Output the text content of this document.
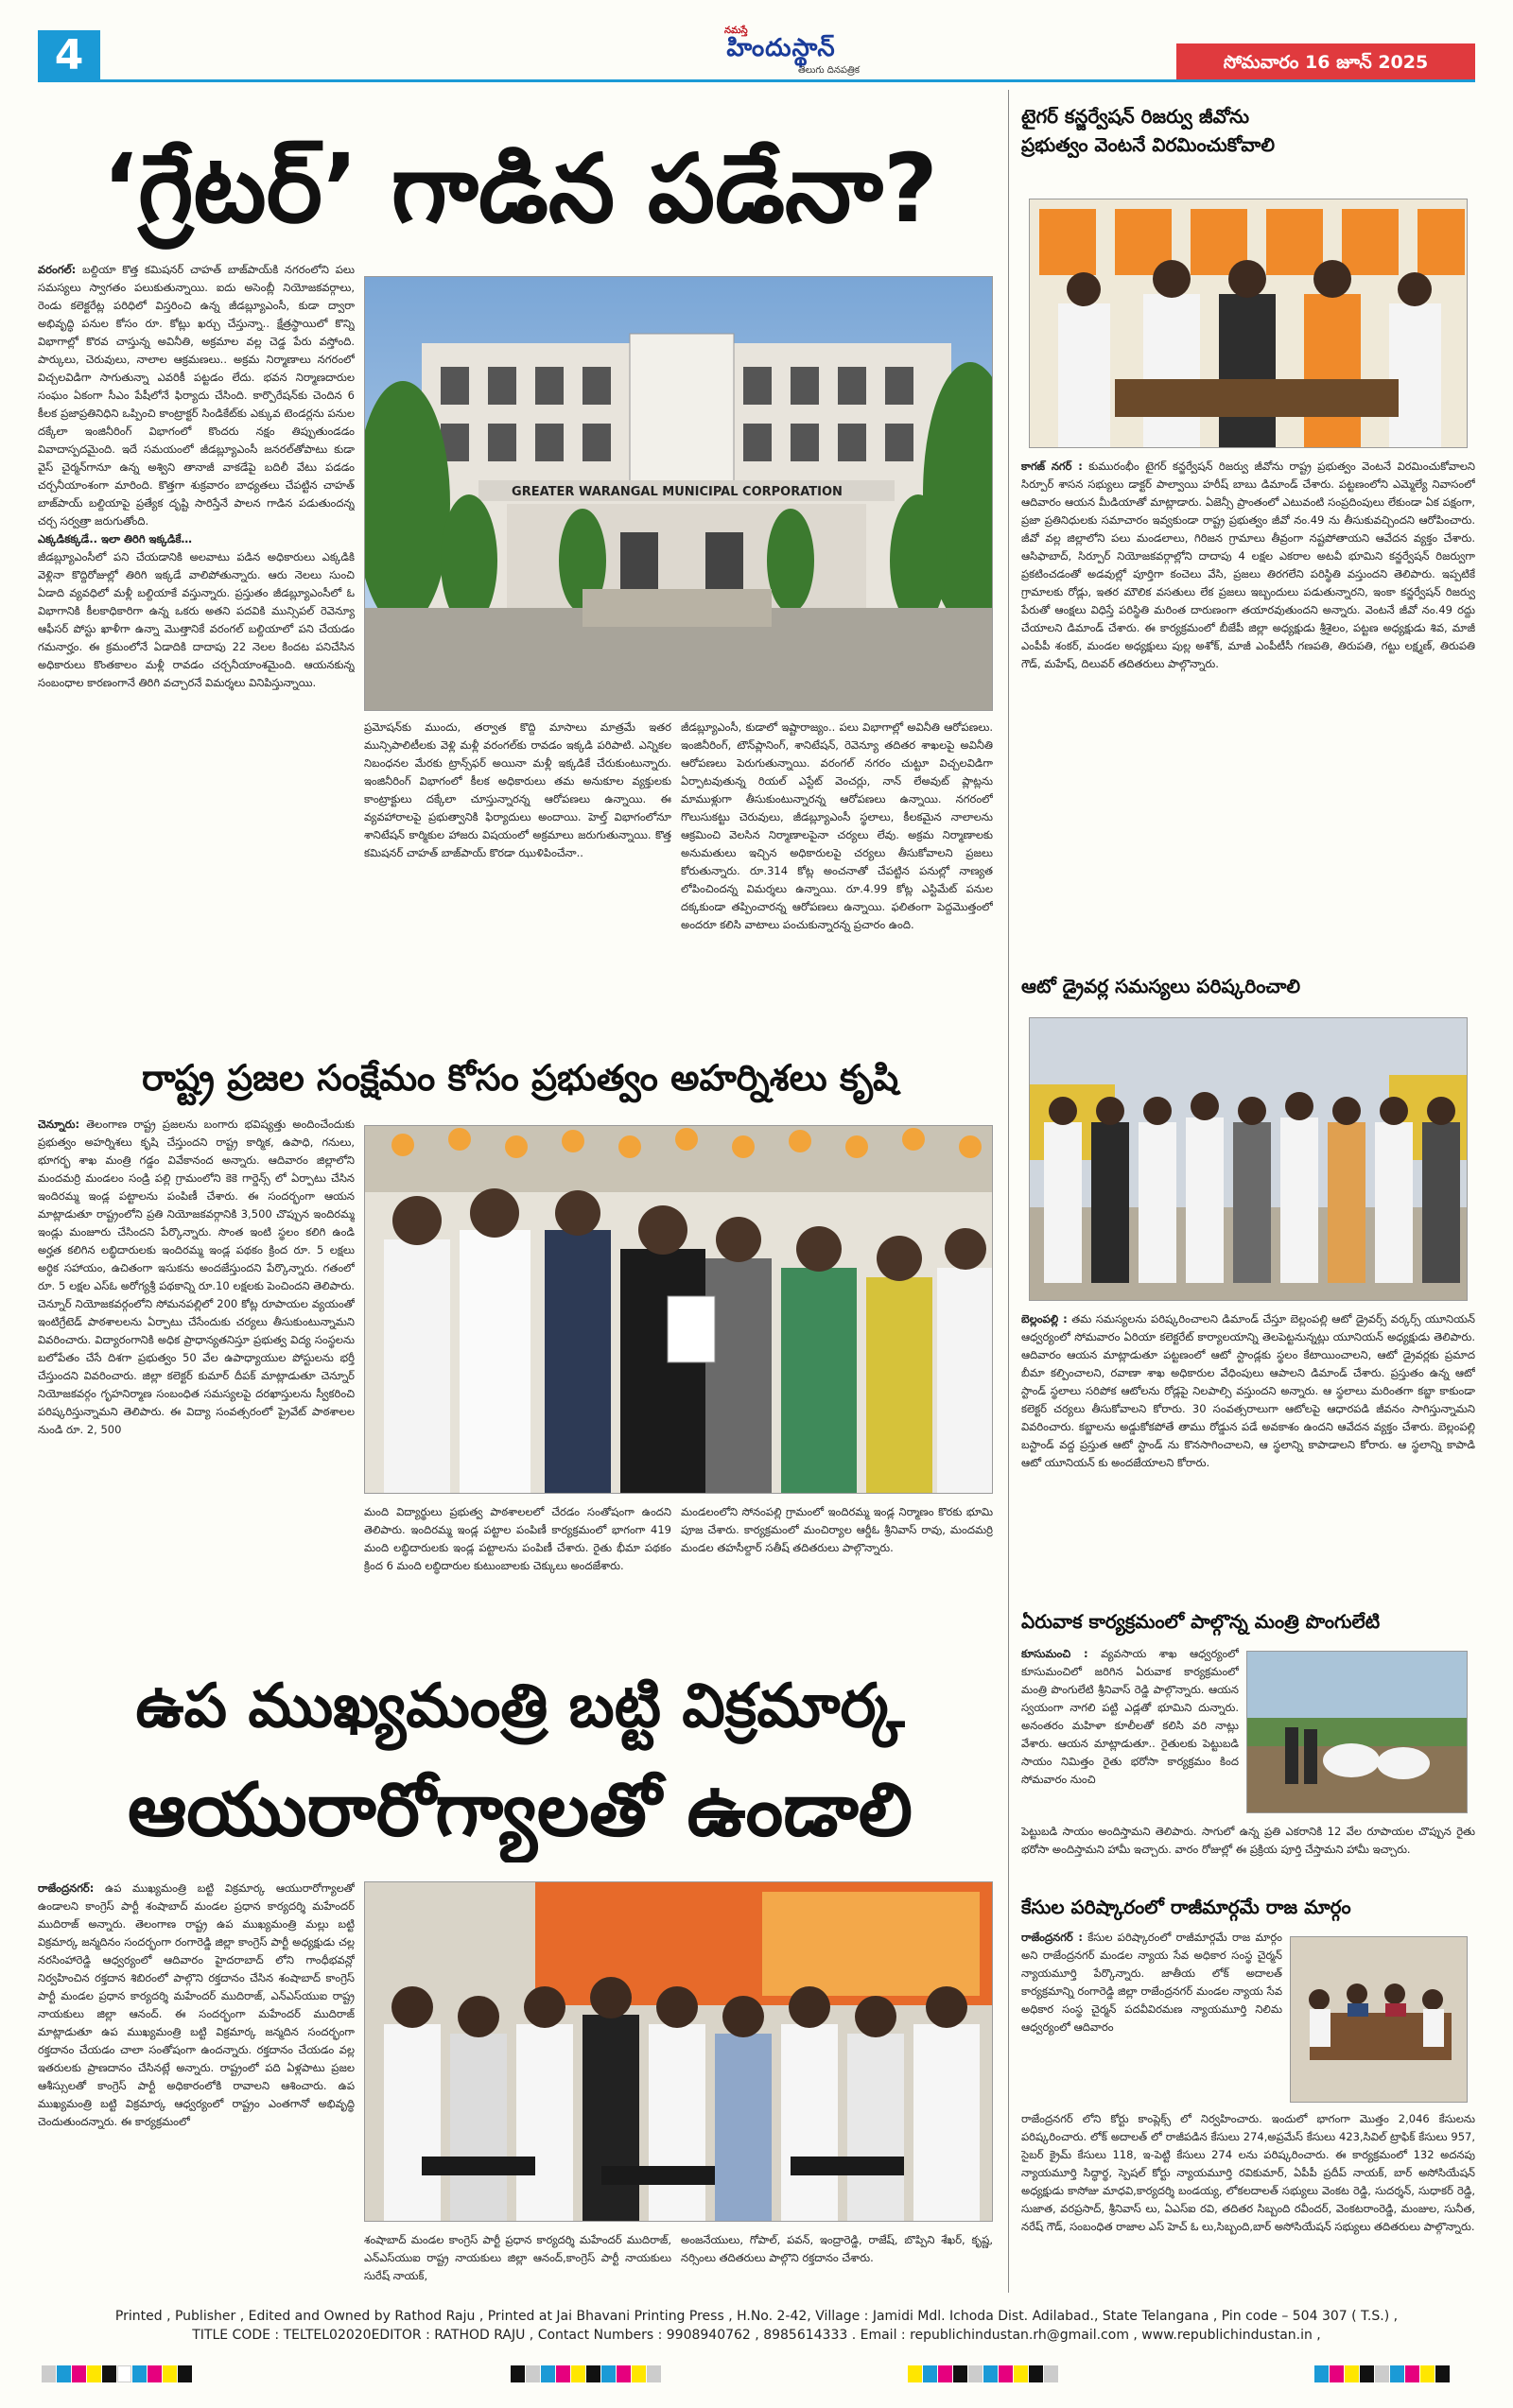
4
నమస్తే
హిందుస్థాన్
తెలుగు దినపత్రిక	సోమవారం 16 జూన్ 2025
‘గ్రేటర్’ గాడిన పడేనా?
వరంగల్: బల్దియా కొత్త కమిషనర్ చాహత్ బాజ్‌పాయ్‌కి నగరంలోని పలు సమస్యలు స్వాగతం పలుకుతున్నాయి. ఐదు అసెంబ్లీ నియోజకవర్గాలు, రెండు కలెక్టరేట్ల పరిధిలో విస్తరించి ఉన్న జీడబ్ల్యూఎంసీ, కుడా ద్వారా అభివృద్ధి పనుల కోసం రూ. కోట్లు ఖర్చు చేస్తున్నా.. క్షేత్రస్థాయిలో కొన్ని విభాగాల్లో కొరవ చాస్తున్న అవినీతి, అక్రమాల వల్ల చెడ్డ పేరు వస్తోంది. పార్కులు, చెరువులు, నాలాల ఆక్రమణలు.. అక్రమ నిర్మాణాలు నగరంలో విచ్చలవిడిగా సాగుతున్నా ఎవరికీ పట్టడం లేదు. భవన నిర్మాణదారుల సంఘం ఏకంగా సీఎం పేషీలోనే ఫిర్యాదు చేసింది. కార్పొరేషన్‌కు చెందిన 6 కీలక ప్రజాప్రతినిధిని ఒప్పించి కాంట్రాక్టర్ సిండికేట్‌కు ఎక్కువ టెండర్లను పనుల దక్కేలా ఇంజినీరింగ్ విభాగంలో కొందరు నక్షం తిప్పుతుండడం వివాదాస్పదమైంది. ఇదే సమయంలో జీడబ్ల్యూఎంసీ జనరల్‌తోపాటు కుడా వైస్ చైర్మన్‌గానూ ఉన్న అశ్విని తానాజీ వాకడేపై బదిలీ వేటు పడడం చర్చనీయాంశంగా మారింది. కొత్తగా శుక్రవారం బాధ్యతలు చేపట్టిన చాహత్ బాజ్‌పాయ్ బల్దియాపై ప్రత్యేక దృష్టి సారిస్తేనే పాలన గాడిన పడుతుందన్న చర్చ సర్వత్రా జరుగుతోంది.
ఎక్కడికక్కడే.. ఇలా తిరిగి ఇక్కడికే…
జీడబ్ల్యూఎంసీలో పని చేయడానికి అలవాటు పడిన అధికారులు ఎక్కడికి వెళ్లినా కొద్దిరోజుల్లో తిరిగి ఇక్కడే వాలిపోతున్నారు. ఆరు నెలలు సుంచి ఏడాది వ్యవధిలో మళ్లీ బల్దియాకే వస్తున్నారు. ప్రస్తుతం జీడబ్ల్యూఎంసీలో ఓ విభాగానికి కీలకాధికారిగా ఉన్న ఒకరు అతని పదవికి మున్సిపల్ రెవెన్యూ ఆఫీసర్ పోస్టు ఖాళీగా ఉన్నా మొత్తానికే వరంగల్ బల్దియాలో పని చేయడం గమనార్హం. ఈ క్రమంలోనే ఏడాదికి దాదాపు 22 నెలల కిందట పనిచేసిన అధికారులు కొంతకాలం మళ్లీ రావడం చర్చనీయాంశమైంది. ఆయనకున్న సంబంధాల కారణంగానే తిరిగి వచ్చారనే విమర్శలు వినిపిస్తున్నాయి.
GREATER WARANGAL MUNICIPAL CORPORATION
ప్రమోషన్‌కు ముందు, తర్వాత కొద్ది మాసాలు మాత్రమే ఇతర మున్సిపాలిటీలకు వెళ్లి మళ్లీ వరంగల్‌కు రావడం ఇక్కడి పరిపాటి. ఎన్నికల నిబంధనల మేరకు ట్రాన్స్‌ఫర్ అయినా మళ్లీ ఇక్కడికే చేరుకుంటున్నారు. ఇంజినీరింగ్ విభాగంలో కీలక అధికారులు తమ అనుకూల వ్యక్తులకు కాంట్రాక్టులు దక్కేలా చూస్తున్నారన్న ఆరోపణలు ఉన్నాయి. ఈ వ్యవహారాలపై ప్రభుత్వానికి ఫిర్యాదులు అందాయి. హెల్త్ విభాగంలోనూ శానిటేషన్ కార్మికుల హాజరు విషయంలో అక్రమాలు జరుగుతున్నాయి. కొత్త కమిషనర్ చాహత్ బాజ్‌పాయ్ కొరడా ఝుళిపించేనా..
జీడబ్ల్యూఎంసీ, కుడాలో ఇష్టారాజ్యం.. పలు విభాగాల్లో అవినీతి ఆరోపణలు. ఇంజినీరింగ్, టౌన్‌ప్లానింగ్, శానిటేషన్, రెవెన్యూ తదితర శాఖలపై అవినీతి ఆరోపణలు పెరుగుతున్నాయి. వరంగల్ నగరం చుట్టూ విచ్చలవిడిగా ఏర్పాటవుతున్న రియల్ ఎస్టేట్ వెంచర్లు, నాన్ లేఅవుట్ ప్లాట్లను మాముళ్లుగా తీసుకుంటున్నారన్న ఆరోపణలు ఉన్నాయి. నగరంలో గొలుసుకట్టు చెరువులు, జీడబ్ల్యూఎంసీ స్థలాలు, కీలకమైన నాలాలను ఆక్రమించి వెలసిన నిర్మాణాలపైనా చర్యలు లేవు. అక్రమ నిర్మాణాలకు అనుమతులు ఇచ్చిన అధికారులపై చర్యలు తీసుకోవాలని ప్రజలు కోరుతున్నారు. రూ.314 కోట్ల అంచనాతో చేపట్టిన పనుల్లో నాణ్యత లోపించిందన్న విమర్శలు ఉన్నాయి. రూ.4.99 కోట్ల ఎస్టిమేట్ పనుల దక్కకుండా తప్పించారన్న ఆరోపణలు ఉన్నాయి. ఫలితంగా పెద్దమొత్తంలో అందరూ కలిసి వాటాలు పంచుకున్నారన్న ప్రచారం ఉంది.
రాష్ట్ర ప్రజల సంక్షేమం కోసం ప్రభుత్వం అహర్నిశలు కృషి
చెన్నూరు: తెలంగాణ రాష్ట్ర ప్రజలను బంగారు భవిష్యత్తు అందించేందుకు ప్రభుత్వం అహర్నిశలు కృషి చేస్తుందని రాష్ట్ర కార్మిక, ఉపాధి, గనులు, భూగర్భ శాఖ మంత్రి గడ్డం వివేకానంద అన్నారు. ఆదివారం జిల్లాలోని మందమర్రి మండలం సండ్రి పల్లి గ్రామంలోని కెకె గార్డెన్స్ లో ఏర్పాటు చేసిన ఇందిరమ్మ ఇండ్ల పట్టాలను పంపిణీ చేశారు. ఈ సందర్భంగా ఆయన మాట్లాడుతూ రాష్ట్రంలోని ప్రతి నియోజకవర్గానికి 3,500 చొప్పున ఇందిరమ్మ ఇండ్లు మంజూరు చేసిందని పేర్కొన్నారు. సొంత ఇంటి స్థలం కలిగి ఉండి అర్హత కలిగిన లబ్ధిదారులకు ఇందిరమ్మ ఇండ్ల పథకం క్రింద రూ. 5 లక్షలు అర్ధిక సహాయం, ఉచితంగా ఇసుకను అందజేస్తుందని పేర్కొన్నారు. గతంలో రూ. 5 లక్షల ఎస్ఓ అరోగ్యశ్రీ పథకాన్ని రూ.10 లక్షలకు పెంచిందని తెలిపారు. చెన్నూర్ నియోజకవర్గంలోని సోమనపల్లిలో 200 కోట్ల రూపాయల వ్యయంతో ఇంటిగ్రేటెడ్ పాఠశాలలను ఏర్పాటు చేసేందుకు చర్యలు తీసుకుంటున్నామని వివరించారు. విద్యారంగానికి అధిక ప్రాధాన్యతనిస్తూ ప్రభుత్వ విద్య సంస్థలను బలోపేతం చేసే దిశగా ప్రభుత్వం 50 వేల ఉపాధ్యాయుల పోస్టులను భర్తీ చేస్తుందని వివరించారు. జిల్లా కలెక్టర్ కుమార్ దీపక్ మాట్లాడుతూ చెన్నూర్ నియోజకవర్గం గృహనిర్మాణ సంబంధిత సమస్యలపై దరఖాస్తులను స్వీకరించి పరిష్కరిస్తున్నామని తెలిపారు. ఈ విద్యా సంవత్సరంలో ప్రైవేట్ పాఠశాలల నుండి రూ. 2, 500
మంది విద్యార్థులు ప్రభుత్వ పాఠశాలలలో చేరడం సంతోషంగా ఉందని తెలిపారు. ఇందిరమ్మ ఇండ్ల పట్టాల పంపిణీ కార్యక్రమంలో భాగంగా 419 మంది లబ్ధిదారులకు ఇండ్ల పట్టాలను పంపిణీ చేశారు. రైతు భీమా పథకం క్రింద 6 మంది లబ్ధిదారుల కుటుంబాలకు చెక్కులు అందజేశారు.
మండలంలోని సోనంపల్లి గ్రామంలో ఇందిరమ్మ ఇండ్ల నిర్మాణం కొరకు భూమి పూజ చేశారు. కార్యక్రమంలో మంచిర్యాల ఆర్డీఓ శ్రీనివాస్ రావు, మందమర్రి మండల తహసీల్దార్ సతీష్ తదితరులు పాల్గొన్నారు.
ఉప ముఖ్యమంత్రి బట్టి విక్రమార్క
ఆయురారోగ్యాలతో ఉండాలి
రాజేంద్రనగర్: ఉప ముఖ్యమంత్రి బట్టి విక్రమార్క ఆయురారోగ్యాలతో ఉండాలని కాంగ్రెస్ పార్టీ శంషాబాద్ మండల ప్రధాన కార్యదర్శి మహేందర్ ముదిరాజ్ అన్నారు. తెలంగాణ రాష్ట్ర ఉప ముఖ్యమంత్రి మల్లు బట్టి విక్రమార్క జన్మదినం సందర్భంగా రంగారెడ్డి జిల్లా కాంగ్రెస్ పార్టీ అధ్యక్షుడు చల్ల నరసింహారెడ్డి ఆధ్వర్యంలో ఆదివారం హైదరాబాద్ లోని గాంధీభవన్లో నిర్వహించిన రక్తదాన శిబిరంలో పాల్గొని రక్తదానం చేసిన శంషాబాద్ కాంగ్రెస్ పార్టీ మండల ప్రధాన కార్యదర్శి మహేందర్ ముదిరాజ్, ఎన్ఎస్‌యుఐ రాష్ట్ర నాయకులు జిల్లా ఆనంద్. ఈ సందర్భంగా మహేందర్ ముదిరాజ్ మాట్లాడుతూ ఉప ముఖ్యమంత్రి బట్టి విక్రమార్క జన్మదిన సందర్భంగా రక్తదానం చేయడం చాలా సంతోషంగా ఉందన్నారు. రక్తదానం చేయడం వల్ల ఇతరులకు ప్రాణదానం చేసినట్లే అన్నారు. రాష్ట్రంలో పది ఏళ్లపాటు ప్రజల ఆశీస్సులతో కాంగ్రెస్ పార్టీ అధికారంలోకి రావాలని ఆశించారు. ఉప ముఖ్యమంత్రి బట్టి విక్రమార్క ఆధ్వర్యంలో రాష్ట్రం ఎంతగానో అభివృద్ధి చెందుతుందన్నారు. ఈ కార్యక్రమంలో
శంషాబాద్ మండల కాంగ్రెస్ పార్టీ ప్రధాన కార్యదర్శి మహేందర్ ముదిరాజ్, ఎన్ఎస్‌యుఐ రాష్ట్ర నాయకులు జిల్లా ఆనంద్,కాంగ్రెస్ పార్టీ నాయకులు సురేష్ నాయక్,
అంజనేయులు, గోపాల్, పవన్, ఇంద్రారెడ్డి, రాజేష్, బొప్పిని శేఖర్, కృష్ణ, నర్సింలు తదితరులు పాల్గొని రక్తదానం చేశారు.
టైగర్ కన్జర్వేషన్ రిజర్వు జీవోను
ప్రభుత్వం వెంటనే విరమించుకోవాలి
కాగజ్ నగర్ : కుమురంభీం టైగర్ కన్జర్వేషన్ రిజర్వు జీవోను రాష్ట్ర ప్రభుత్వం వెంటనే విరమించుకోవాలని సిర్పూర్ శాసన సభ్యులు డాక్టర్ పాల్వాయి హరీష్ బాబు డిమాండ్ చేశారు. పట్టణంలోని ఎమ్మెల్యే నివాసంలో ఆదివారం ఆయన మీడియాతో మాట్లాడారు. ఏజెన్సీ ప్రాంతంలో ఎటువంటి సంప్రదింపులు లేకుండా ఏక పక్షంగా, ప్రజా ప్రతినిధులకు సమాచారం ఇవ్వకుండా రాష్ట్ర ప్రభుత్వం జీవో నం.49 ను తీసుకువచ్చిందని ఆరోపించారు. జీవో వల్ల జిల్లాలోని పలు మండలాలు, గిరిజన గ్రామాలు తీవ్రంగా నష్టపోతాయని ఆవేదన వ్యక్తం చేశారు. ఆసిఫాబాద్, సిర్పూర్ నియోజకవర్గాల్లోని దాదాపు 4 లక్షల ఎకరాల అటవీ భూమిని కన్జర్వేషన్ రిజర్వుగా ప్రకటించడంతో అడవుల్లో పూర్తిగా కంచెలు వేసి, ప్రజలు తిరగలేని పరిస్థితి వస్తుందని తెలిపారు. ఇప్పటికే గ్రామాలకు రోడ్లు, ఇతర మౌలిక వసతులు లేక ప్రజలు ఇబ్బందులు పడుతున్నారని, ఇంకా కన్జర్వేషన్ రిజర్వు పేరుతో ఆంక్షలు విధిస్తే పరిస్థితి మరింత దారుణంగా తయారవుతుందని అన్నారు. వెంటనే జీవో నం.49 రద్దు చేయాలని డిమాండ్ చేశారు. ఈ కార్యక్రమంలో బీజేపీ జిల్లా అధ్యక్షుడు శ్రీశైలం, పట్టణ అధ్యక్షుడు శివ, మాజీ ఎంపీపీ శంకర్, మండల అధ్యక్షులు పుల్ల అశోక్, మాజీ ఎంపీటీసీ గణపతి, తిరుపతి, గట్టు లక్ష్మణ్, తిరుపతి గౌడ్, మహేష్, దిలువర్ తదితరులు పాల్గొన్నారు.
ఆటో డ్రైవర్ల సమస్యలు పరిష్కరించాలి
బెల్లంపల్లి : తమ సమస్యలను పరిష్కరించాలని డిమాండ్ చేస్తూ బెల్లంపల్లి ఆటో డ్రైవర్స్ వర్కర్స్ యూనియన్ ఆధ్వర్యంలో సోమవారం ఏరియా కలెక్టరేట్ కార్యాలయాన్ని తెలపెట్టనున్నట్లు యూనియన్ అధ్యక్షుడు తెలిపారు. ఆదివారం ఆయన మాట్లాడుతూ పట్టణంలో ఆటో స్టాండ్లకు స్థలం కేటాయించాలని, ఆటో డ్రైవర్లకు ప్రమాద బీమా కల్పించాలని, రవాణా శాఖ అధికారుల వేధింపులు ఆపాలని డిమాండ్ చేశారు. ప్రస్తుతం ఉన్న ఆటో స్టాండ్ స్థలాలు సరిపోక ఆటోలను రోడ్లపై నిలపాల్సి వస్తుందని అన్నారు. ఆ స్థలాలు మరింతగా కబ్జా కాకుండా కలెక్టర్ చర్యలు తీసుకోవాలని కోరారు. 30 సంవత్సరాలుగా ఆటోలపై ఆధారపడి జీవనం సాగిస్తున్నామని వివరించారు. కబ్జాలను అడ్డుకోకపోతే తాము రోడ్డున పడే అవకాశం ఉందని ఆవేదన వ్యక్తం చేశారు. బెల్లంపల్లి బస్టాండ్ వద్ద ప్రస్తుత ఆటో స్టాండ్ ను కొనసాగించాలని, ఆ స్థలాన్ని కాపాడాలని కోరారు. ఆ స్థలాన్ని కాపాడి ఆటో యూనియన్ కు అందజేయాలని కోరారు.
ఏరువాక కార్యక్రమంలో పాల్గొన్న మంత్రి పొంగులేటి
కూసుమంచి : వ్యవసాయ శాఖ ఆధ్వర్యంలో కూసుమంచిలో జరిగిన ఏరువాక కార్యక్రమంలో మంత్రి పొంగులేటి శ్రీనివాస్ రెడ్డి పాల్గొన్నారు. ఆయన స్వయంగా నాగలి పట్టి ఎడ్లతో భూమిని దున్నారు. అనంతరం మహిళా కూలీలతో కలిసి వరి నాట్లు వేశారు. ఆయన మాట్లాడుతూ.. రైతులకు పెట్టుబడి సాయం నిమిత్తం రైతు భరోసా కార్యక్రమం కింద సోమవారం నుంచి
పెట్టుబడి సాయం అందిస్తామని తెలిపారు. సాగులో ఉన్న ప్రతి ఎకరానికి 12 వేల రూపాయల చొప్పున రైతు భరోసా అందిస్తామని హామీ ఇచ్చారు. వారం రోజుల్లో ఈ ప్రక్రియ పూర్తి చేస్తామని హామీ ఇచ్చారు.
కేసుల పరిష్కారంలో రాజీమార్గమే రాజ మార్గం
రాజేంద్రనగర్ : కేసుల పరిష్కారంలో రాజీమార్గమే రాజ మార్గం అని రాజేంద్రనగర్ మండల న్యాయ సేవ అధికార సంస్థ చైర్మన్ న్యాయమూర్తి పేర్కొన్నారు. జాతీయ లోక్ అదాలత్ కార్యక్రమాన్ని రంగారెడ్డి జిల్లా రాజేంద్రనగర్ మండల న్యాయ సేవ అధికార సంస్థ చైర్మన్ పదవీవిరమణ న్యాయమూర్తి నిలిమ ఆధ్వర్యంలో ఆదివారం
రాజేంద్రనగర్ లోని కోర్టు కాంప్లెక్స్ లో నిర్వహించారు. ఇందులో భాగంగా మొత్తం 2,046 కేసులను పరిష్కరించారు. లోక్ అదాలత్ లో రాజీపడిన కేసులు 274,అప్రమేస్ కేసులు 423,సివిల్ ట్రాఫిక్ కేసులు 957, సైబర్ క్రైమ్ కేసులు 118, ఇ-పెట్టి కేసులు 274 లను పరిష్కరించారు. ఈ కార్యక్రమంలో 132 అదనపు న్యాయమూర్తి సిద్ధార్థ, స్పెషల్ కోర్టు న్యాయమూర్తి రవికుమార్, ఏపీపీ ప్రదీప్ నాయక్, బార్ అసోసియేషన్ అధ్యక్షుడు కాసోజు మాధవి,కార్యదర్శి బండయ్య, లోకలదాలత్ సభ్యులు వెంకట రెడ్డి, సుదర్శన్, సుధాకర్ రెడ్డి, సుజాత, వరప్రసాద్, శ్రీనివాస్ లు, ఏఎస్ఐ రవి, తదితర సిబ్బంది రవీందర్, వెంకటరాంరెడ్డి, మంజుల, సునీత, నరేష్ గౌడ్, సంబంధిత రాజాల ఎస్ హెచ్ ఓ లు,సిబ్బంది,బార్ అసోసియేషన్ సభ్యులు తదితరులు పాల్గొన్నారు.
Printed , Publisher , Edited and Owned by Rathod Raju , Printed at Jai Bhavani Printing Press , H.No. 2-42, Village : Jamidi Mdl. Ichoda Dist. Adilabad., State Telangana , Pin code – 504 307 ( T.S.) ,
TITLE CODE : TELTEL02020EDITOR : RATHOD RAJU , Contact Numbers : 9908940762 , 8985614333 . Email : republichindustan.rh@gmail.com , www.republichindustan.in ,
